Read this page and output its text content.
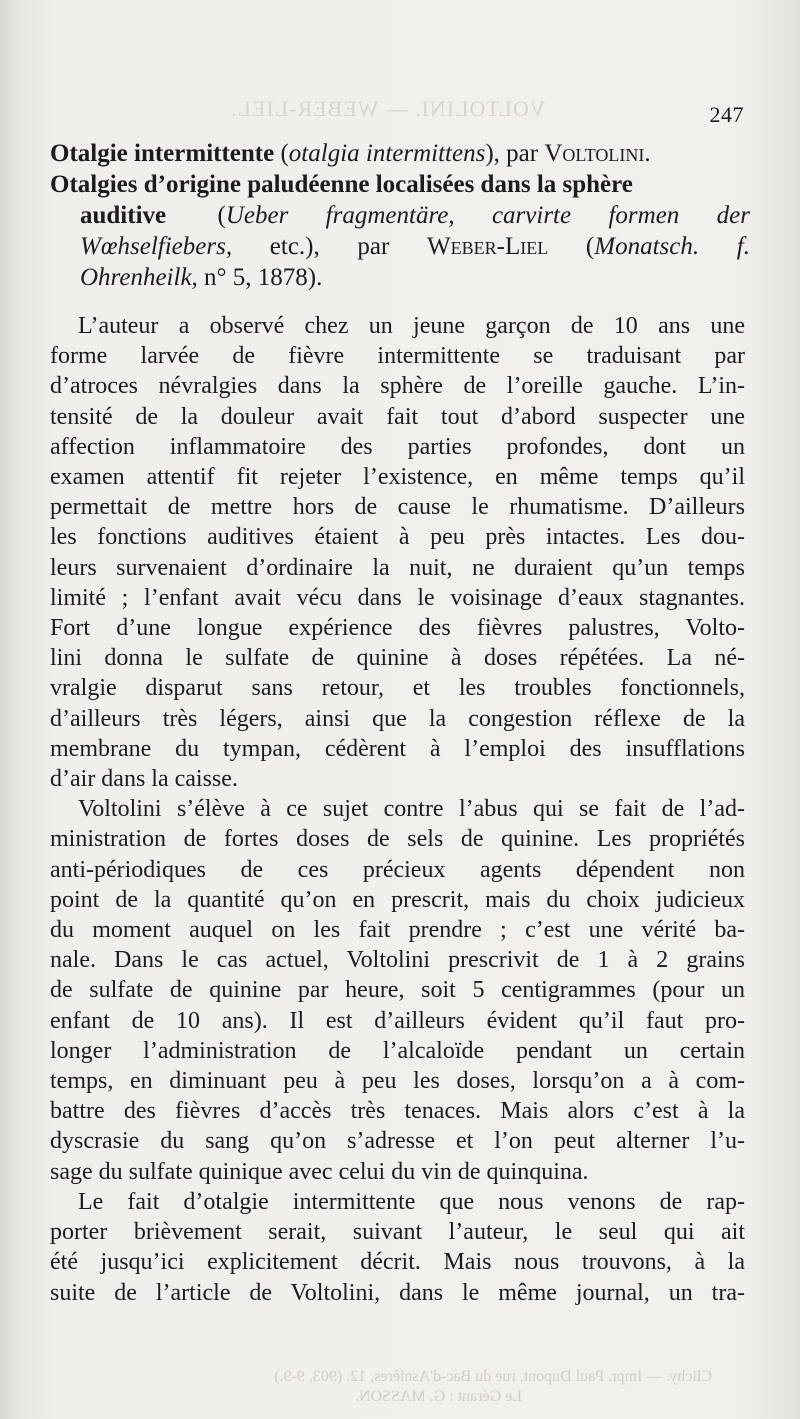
VOLTOLINI. — WEBER-LIEL.	247
Otalgie intermittente (otalgia intermittens), par Voltolini.
Otalgies d’origine paludéenne localisées dans la sphère
auditive (Ueber fragmentäre, carvirte formen der
Wœhselfiebers, etc.), par Weber-Liel (Monatsch. f.
Ohrenheilk, n° 5, 1878).
L’auteur a observé chez un jeune garçon de 10 ans une
forme larvée de fièvre intermittente se traduisant par
d’atroces névralgies dans la sphère de l’oreille gauche. L’in-
tensité de la douleur avait fait tout d’abord suspecter une
affection inflammatoire des parties profondes, dont un
examen attentif fit rejeter l’existence, en même temps qu’il
permettait de mettre hors de cause le rhumatisme. D’ailleurs
les fonctions auditives étaient à peu près intactes. Les dou-
leurs survenaient d’ordinaire la nuit, ne duraient qu’un temps
limité ; l’enfant avait vécu dans le voisinage d’eaux stagnantes.
Fort d’une longue expérience des fièvres palustres, Volto-
lini donna le sulfate de quinine à doses répétées. La né-
vralgie disparut sans retour, et les troubles fonctionnels,
d’ailleurs très légers, ainsi que la congestion réflexe de la
membrane du tympan, cédèrent à l’emploi des insufflations
d’air dans la caisse.
Voltolini s’élève à ce sujet contre l’abus qui se fait de l’ad-
ministration de fortes doses de sels de quinine. Les propriétés
anti-périodiques de ces précieux agents dépendent non
point de la quantité qu’on en prescrit, mais du choix judicieux
du moment auquel on les fait prendre ; c’est une vérité ba-
nale. Dans le cas actuel, Voltolini prescrivit de 1 à 2 grains
de sulfate de quinine par heure, soit 5 centigrammes (pour un
enfant de 10 ans). Il est d’ailleurs évident qu’il faut pro-
longer l’administration de l’alcaloïde pendant un certain
temps, en diminuant peu à peu les doses, lorsqu’on a à com-
battre des fièvres d’accès très tenaces. Mais alors c’est à la
dyscrasie du sang qu’on s’adresse et l’on peut alterner l’u-
sage du sulfate quinique avec celui du vin de quinquina.
Le fait d’otalgie intermittente que nous venons de rap-
porter brièvement serait, suivant l’auteur, le seul qui ait
été jusqu’ici explicitement décrit. Mais nous trouvons, à la
suite de l’article de Voltolini, dans le même journal, un tra-
Clichy. — Impr. Paul Dupont, rue du Bac-d'Asnières, 12. (903, 9-9.)
Le Gérant : G. MASSON.
